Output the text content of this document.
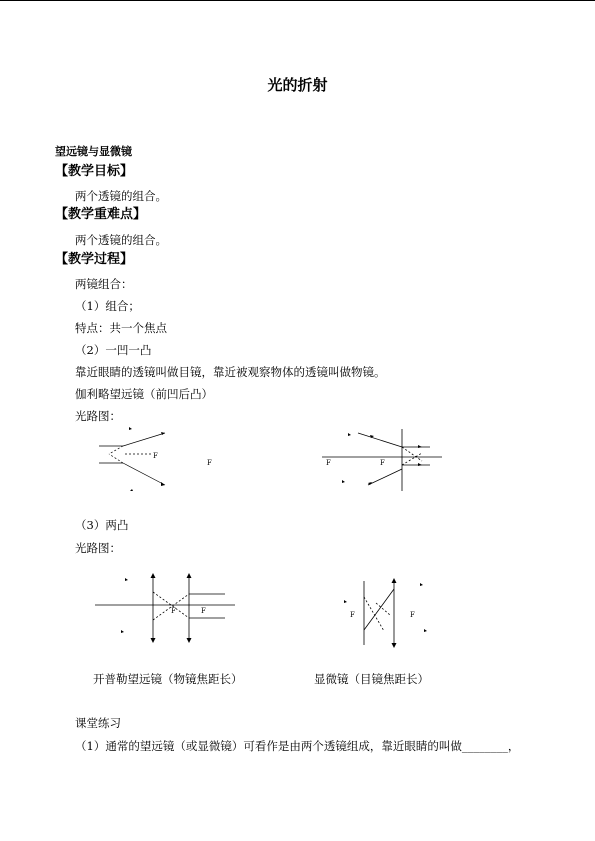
光的折射
望远镜与显微镜
【教学目标】
两个透镜的组合。
【教学重难点】
两个透镜的组合。
【教学过程】
两镜组合：
（1）组合；
特点：共一个焦点
（2）一凹一凸
靠近眼睛的透镜叫做目镜，靠近被观察物体的透镜叫做物镜。
伽利略望远镜（前凹后凸）
光路图：
F
F	F	F
（3）两凸
光路图：
F	F	F	F
开普勒望远镜（物镜焦距长）	显微镜（目镜焦距长）
课堂练习
（1）通常的望远镜（或显微镜）可看作是由两个透镜组成，靠近眼睛的叫做________，
